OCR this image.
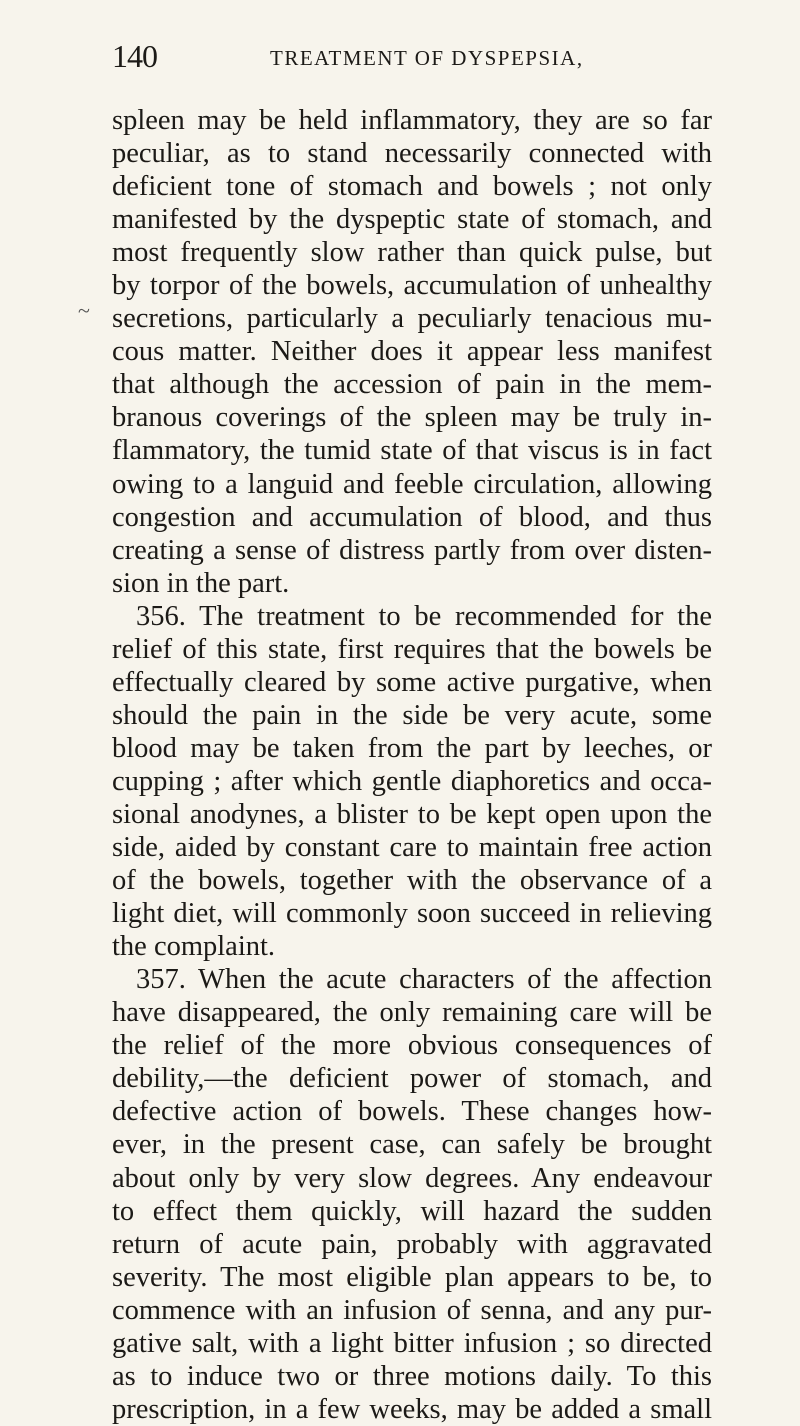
140	TREATMENT OF DYSPEPSIA,
~
spleen may be held inflammatory, they are so far
peculiar, as to stand necessarily connected with
deficient tone of stomach and bowels ; not only
manifested by the dyspeptic state of stomach, and
most frequently slow rather than quick pulse, but
by torpor of the bowels, accumulation of unhealthy
secretions, particularly a peculiarly tenacious mu-
cous matter. Neither does it appear less manifest
that although the accession of pain in the mem-
branous coverings of the spleen may be truly in-
flammatory, the tumid state of that viscus is in fact
owing to a languid and feeble circulation, allowing
congestion and accumulation of blood, and thus
creating a sense of distress partly from over disten-
sion in the part.
356. The treatment to be recommended for the
relief of this state, first requires that the bowels be
effectually cleared by some active purgative, when
should the pain in the side be very acute, some
blood may be taken from the part by leeches, or
cupping ; after which gentle diaphoretics and occa-
sional anodynes, a blister to be kept open upon the
side, aided by constant care to maintain free action
of the bowels, together with the observance of a
light diet, will commonly soon succeed in relieving
the complaint.
357. When the acute characters of the affection
have disappeared, the only remaining care will be
the relief of the more obvious consequences of
debility,—the deficient power of stomach, and
defective action of bowels. These changes how-
ever, in the present case, can safely be brought
about only by very slow degrees. Any endeavour
to effect them quickly, will hazard the sudden
return of acute pain, probably with aggravated
severity. The most eligible plan appears to be, to
commence with an infusion of senna, and any pur-
gative salt, with a light bitter infusion ; so directed
as to induce two or three motions daily. To this
prescription, in a few weeks, may be added a small
